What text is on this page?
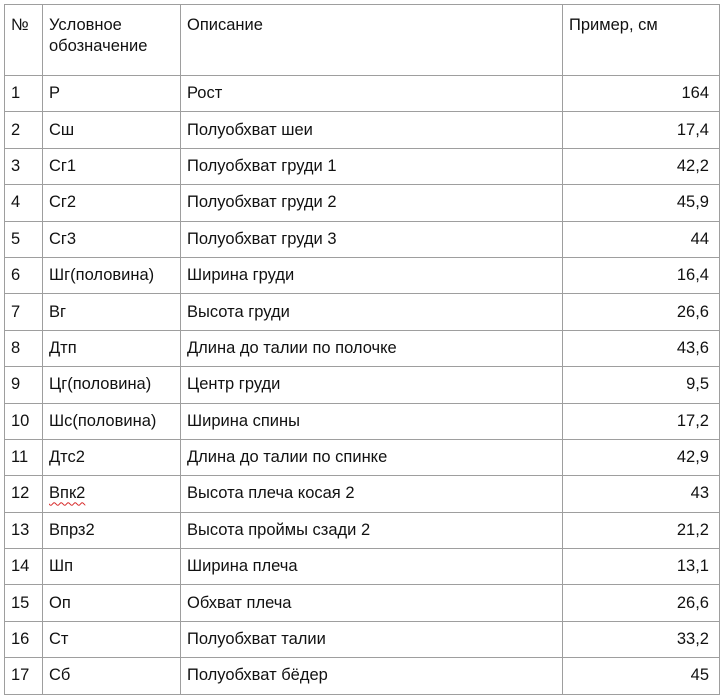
№	Условное обозначение	Описание	Пример, см
1	Р	Рост	164
2	Сш	Полуобхват шеи	17,4
3	Сг1	Полуобхват груди 1	42,2
4	Сг2	Полуобхват груди 2	45,9
5	Сг3	Полуобхват груди 3	44
6	Шг(половина)	Ширина груди	16,4
7	Вг	Высота груди	26,6
8	Дтп	Длина до талии по полочке	43,6
9	Цг(половина)	Центр груди	9,5
10	Шс(половина)	Ширина спины	17,2
11	Дтс2	Длина до талии по спинке	42,9
12	Впк2	Высота плеча косая 2	43
13	Впрз2	Высота проймы сзади 2	21,2
14	Шп	Ширина плеча	13,1
15	Оп	Обхват плеча	26,6
16	Ст	Полуобхват талии	33,2
17	Сб	Полуобхват бёдер	45
